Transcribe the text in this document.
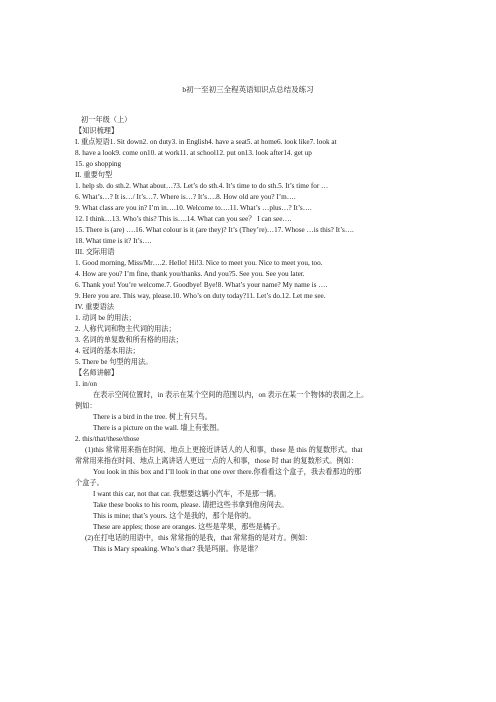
b初一至初三全程英语知识点总结及练习
初一年级（上）
【知识梳理】
I. 重点短语1. Sit down2. on duty3. in English4. have a seat5. at home6. look like7. look at
8. have a look9. come on10. at work11. at school12. put on13. look after14. get up
15. go shopping
II. 重要句型
1. help sb. do sth.2. What about…?3. Let’s do sth.4. It’s time to do sth.5. It’s time for …
6. What’s…? It is…/ It’s…7. Where is…? It’s….8. How old are you? I’m….
9. What class are you in? I’m in….10. Welcome to….11. What’s …plus…? It’s….
12. I think…13. Who’s this? This is….14. What can you see？ I can see….
15. There is (are) ….16. What colour is it (are they)? It’s (They’re)…17. Whose …is this? It’s….
18. What time is it? It’s….
III. 交际用语
1. Good morning, Miss/Mr….2. Hello! Hi!3. Nice to meet you. Nice to meet you, too.
4. How are you? I’m fine, thank you/thanks. And you?5. See you. See you later.
6. Thank you! You’re welcome.7. Goodbye! Bye!8. What’s your name? My name is ….
9. Here you are. This way, please.10. Who’s on duty today?11. Let’s do.12. Let me see.
IV. 重要语法
1. 动词 be 的用法；
2. 人称代词和物主代词的用法；
3. 名词的单复数和所有格的用法；
4. 冠词的基本用法；
5. There be 句型的用法。
【名师讲解】
1. in/on
在表示空间位置时，in 表示在某个空间的范围以内，on 表示在某一个物体的表面之上。
例如：
There is a bird in the tree. 树上有只鸟。
There is a picture on the wall. 墙上有张图。
2. this/that/these/those
(1)this 常常用来指在时间、地点上更接近讲话人的人和事，these 是 this 的复数形式。that
常常用来指在时间、地点上离讲话人更远一点的人和事，those 时 that 的复数形式。例如：
You look in this box and I’ll look in that one over there.你看看这个盒子，我去看那边的那
个盒子。
I want this car, not that car. 我想要这辆小汽车，不是那一辆。
Take these books to his room, please. 请把这些书拿到他房间去。
This is mine; that’s yours. 这个是我的，那个是你的。
These are apples; those are oranges. 这些是苹果，那些是橘子。
(2)在打电话的用语中，this 常常指的是我，that 常常指的是对方。例如：
This is Mary speaking. Who’s that? 我是玛丽。你是谁？
